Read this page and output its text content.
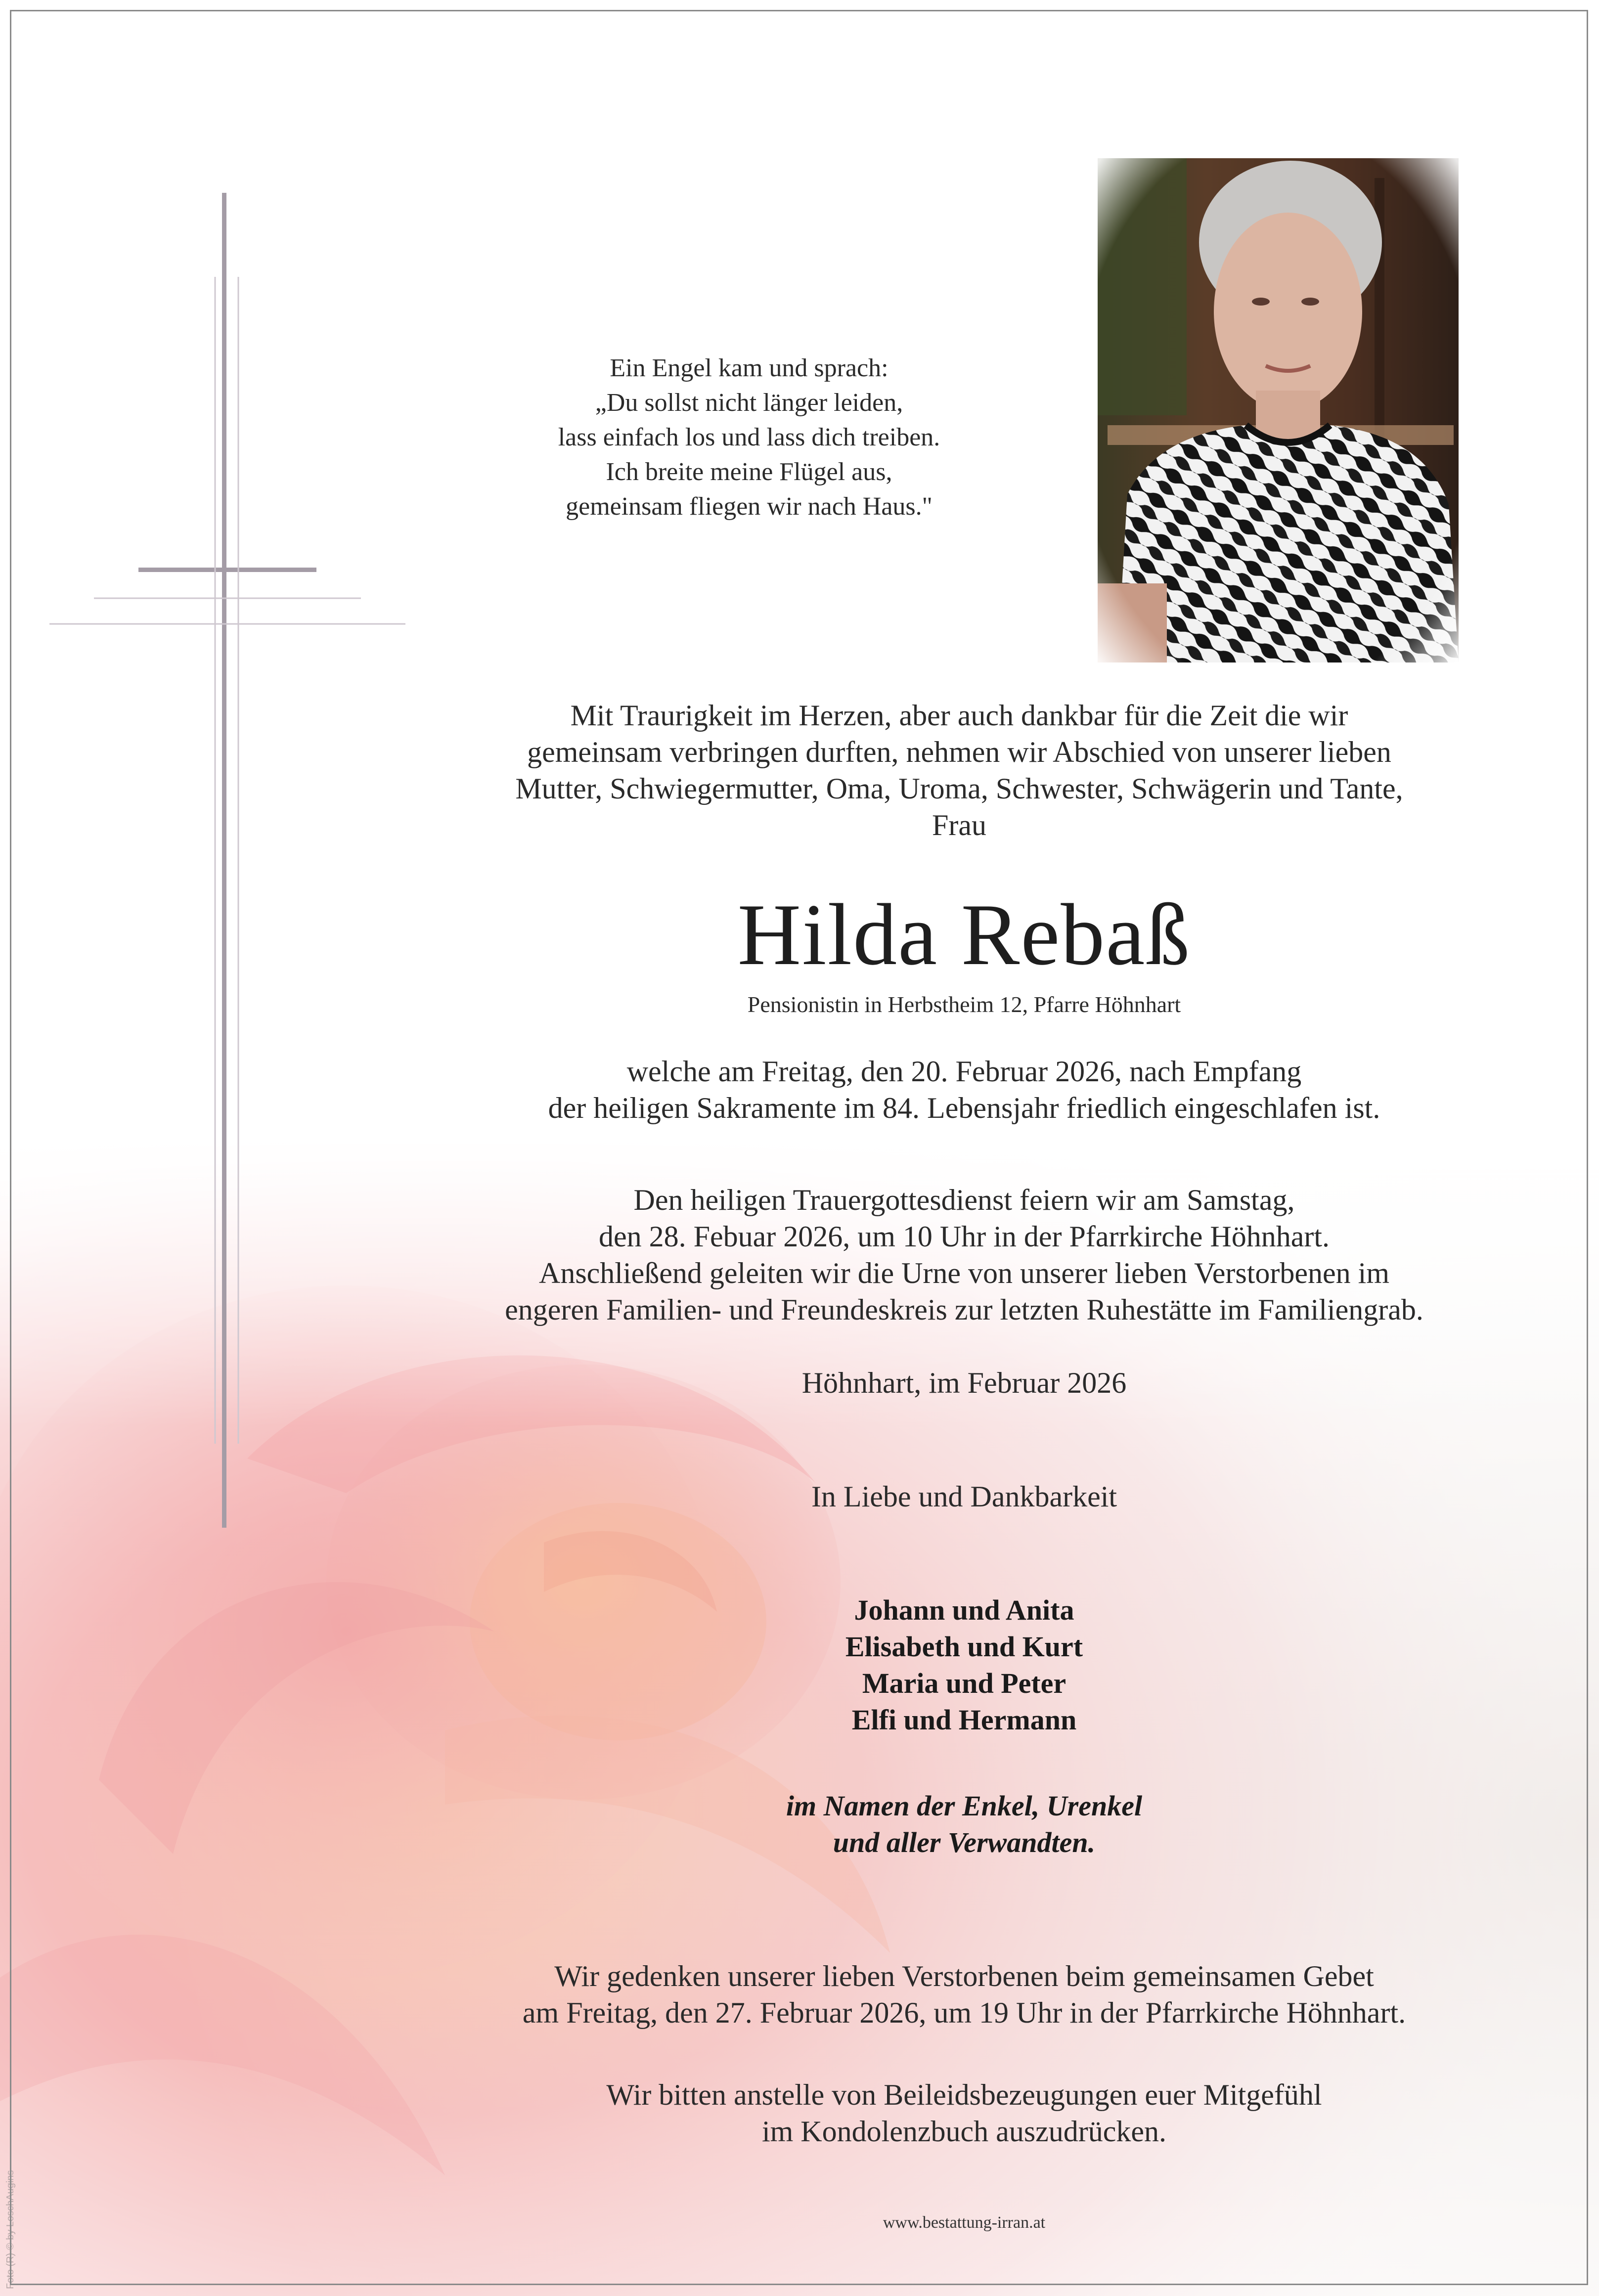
Ein Engel kam und sprach:
„Du sollst nicht länger leiden,
lass einfach los und lass dich treiben.
Ich breite meine Flügel aus,
gemeinsam fliegen wir nach Haus."
Mit Traurigkeit im Herzen, aber auch dankbar für die Zeit die wir
gemeinsam verbringen durften, nehmen wir Abschied von unserer lieben
Mutter, Schwiegermutter, Oma, Uroma, Schwester, Schwägerin und Tante,
Frau
Hilda Rebaß
Pensionistin in Herbstheim 12, Pfarre Höhnhart
welche am Freitag, den 20. Februar 2026, nach Empfang
der heiligen Sakramente im 84. Lebensjahr friedlich eingeschlafen ist.
Den heiligen Trauergottesdienst feiern wir am Samstag,
den 28. Febuar 2026, um 10 Uhr in der Pfarrkirche Höhnhart.
Anschließend geleiten wir die Urne von unserer lieben Verstorbenen im
engeren Familien- und Freundeskreis zur letzten Ruhestätte im Familiengrab.
Höhnhart, im Februar 2026
In Liebe und Dankbarkeit
Johann und Anita
Elisabeth und Kurt
Maria und Peter
Elfi und Hermann
im Namen der Enkel, Urenkel
und aller Verwandten.
Wir gedenken unserer lieben Verstorbenen beim gemeinsamen Gebet
am Freitag, den 27. Februar 2026, um 19 Uhr in der Pfarrkirche Höhnhart.
Wir bitten anstelle von Beileidsbezeugungen euer Mitgefühl
im Kondolenzbuch auszudrücken.
www.bestattung-irran.at
Foto (R) © by LoschAugins
